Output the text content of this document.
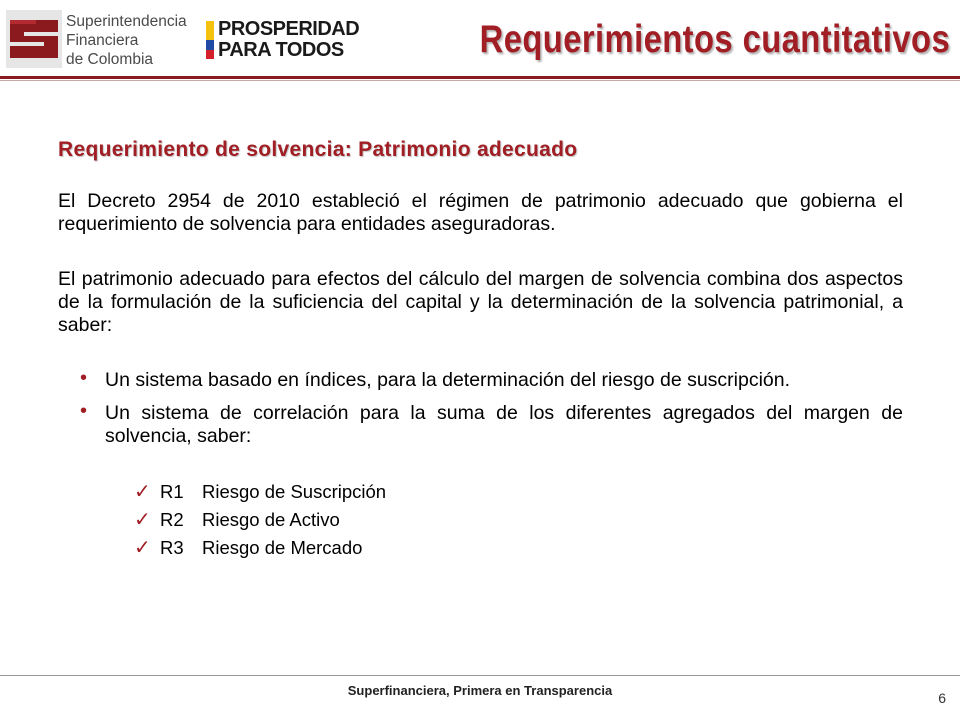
Superintendencia
Financiera
de Colombia
PROSPERIDAD
PARA TODOS	Requerimientos cuantitativos
Requerimiento de solvencia: Patrimonio adecuado

El Decreto 2954 de 2010 estableció el régimen de patrimonio adecuado que gobierna el requerimiento de solvencia para entidades aseguradoras.

El patrimonio adecuado para efectos del cálculo del margen de solvencia combina dos aspectos de la formulación de la suficiencia del capital y la determinación de la solvencia patrimonial, a saber:

• Un sistema basado en índices, para la determinación del riesgo de suscripción.
• Un sistema de correlación para la suma de los diferentes agregados del margen de solvencia, saber:
✓ R1 Riesgo de Suscripción
✓ R2 Riesgo de Activo
✓ R3 Riesgo de Mercado
Superfinanciera, Primera en Transparencia	6
